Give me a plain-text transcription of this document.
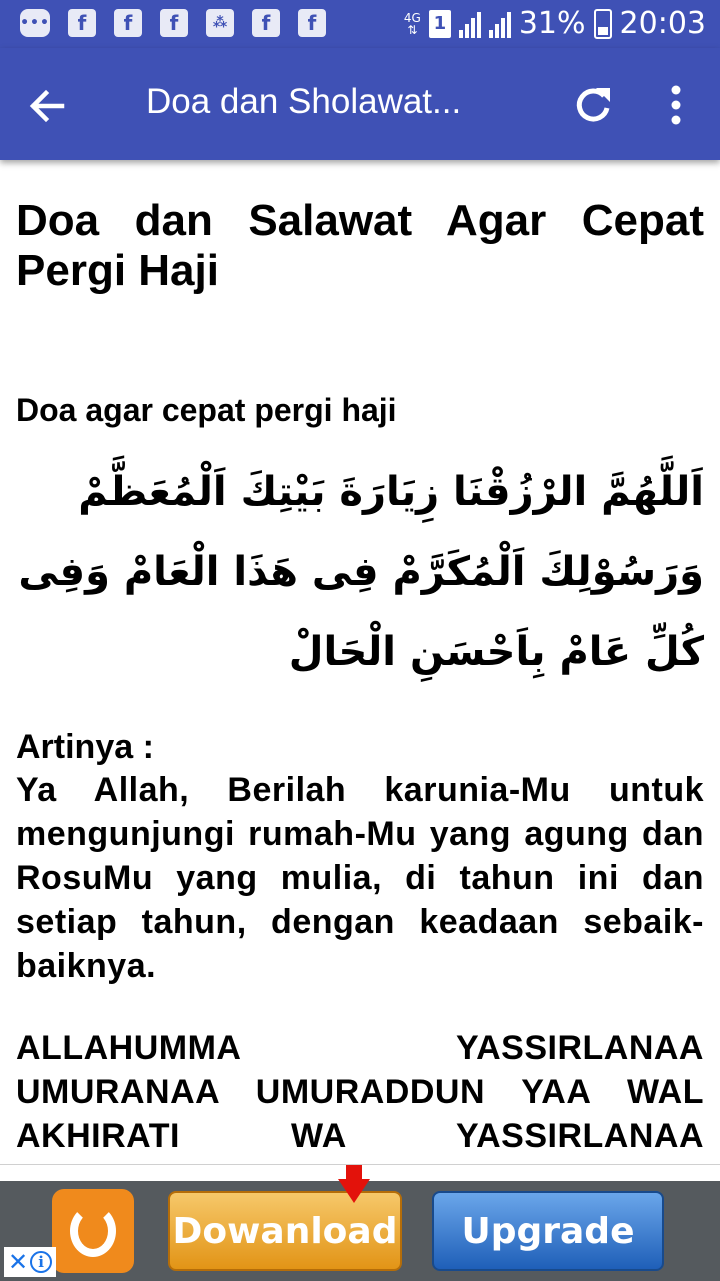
•••	f	f	f	⁂	f	f	4G
⇅ 1 31% 20:03
Doa dan Sholawat...
Doa dan Salawat Agar Cepat Pergi Haji
Doa agar cepat pergi haji
اَللَّهُمَّ الرْزُقْنَا زِيَارَةَ بَيْتِكَ اَلْمُعَظَّمْ وَرَسُوْلِكَ اَلْمُكَرَّمْ فِى هَذَا الْعَامْ وَفِى كُلِّ عَامْ بِاَحْسَنِ الْحَالْ
Artinya :
Ya Allah, Berilah karunia-Mu untuk mengunjungi rumah-Mu yang agung dan RosuMu yang mulia, di tahun ini dan setiap tahun, dengan keadaan sebaik-baiknya.
ALLAHUMMA YASSIRLANAA UMURANAA UMURADDUN YAA WAL AKHIRATI WA YASSIRLANAA
Dowanload	Upgrade
✕ i
